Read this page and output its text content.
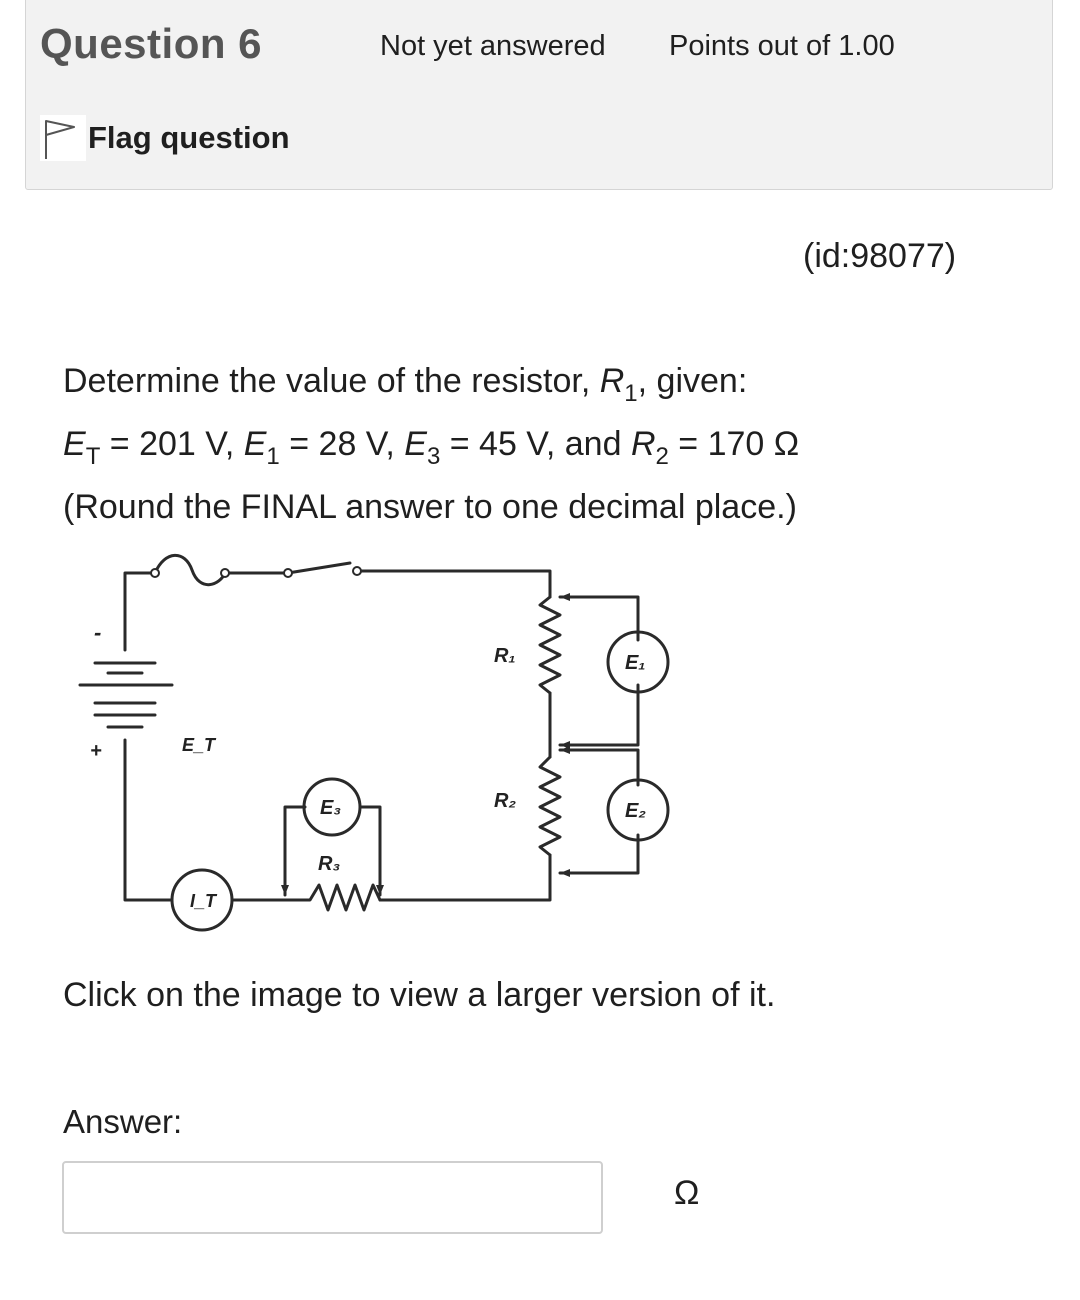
Question 6	Not yet answered Points out of 1.00
Flag question
(id:98077)
Determine the value of the resistor, $R_1$, given:
$E_T = 201$ V, $E_1 = 28$ V, $E_3 = 45$ V, and $R_2 = 170$ Ω
(Round the FINAL answer to one decimal place.)
R₁
R₂
R₃
E₁
E₂
E₃
E_T
I_T
-
+
Click on the image to view a larger version of it.
Answer:
Ω
